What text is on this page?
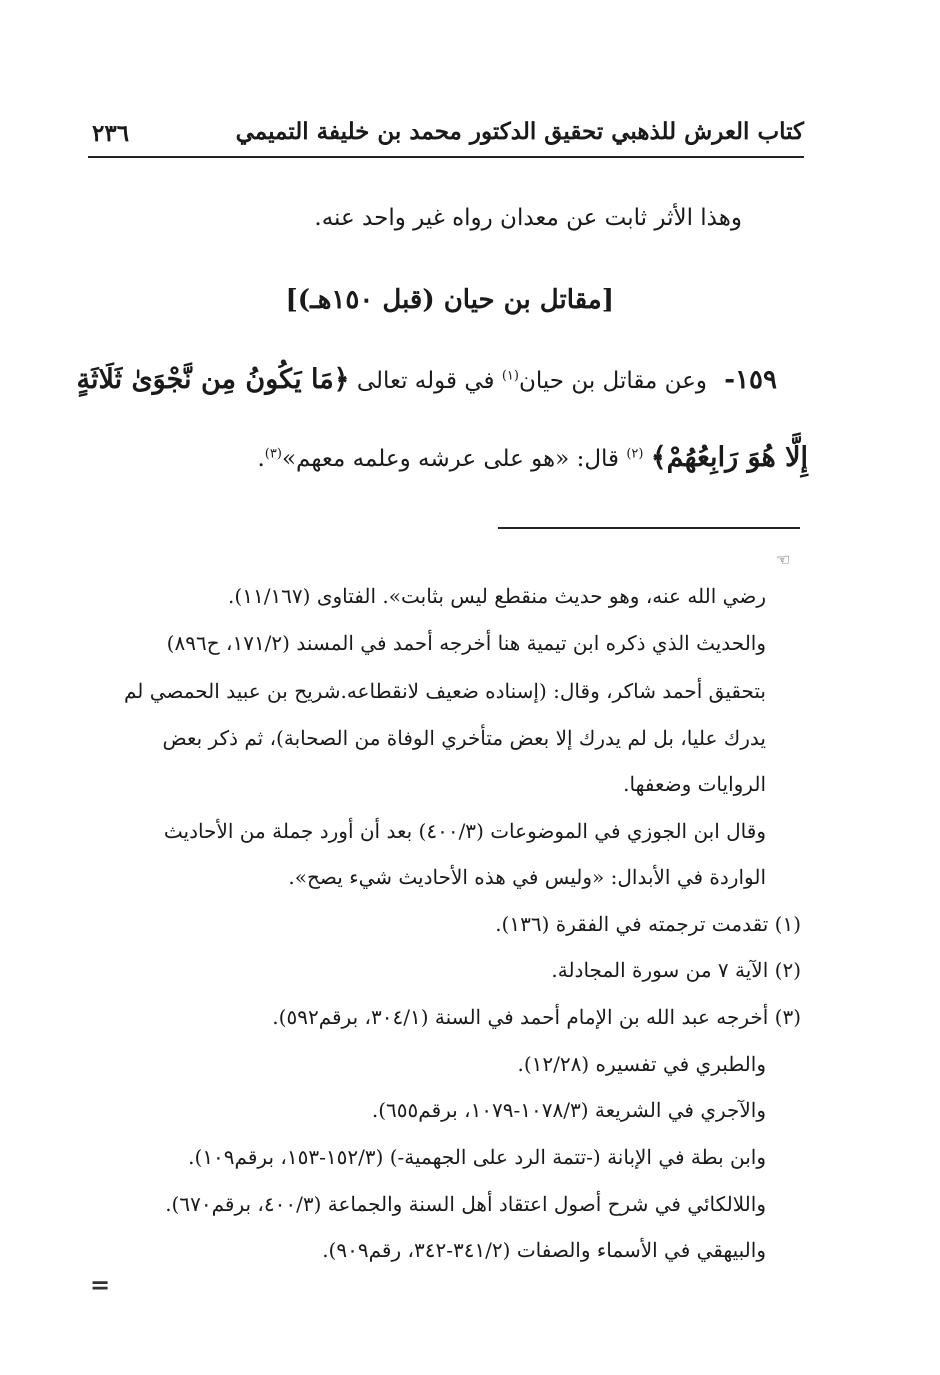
كتاب العرش للذهبي تحقيق الدكتور محمد بن خليفة التميمي
٢٣٦
وهذا الأثر ثابت عن معدان رواه غير واحد عنه.
[مقاتل بن حيان (قبل ١٥٠هـ)]
١٥٩- وعن مقاتل بن حيان$^{(١)}$ في قوله تعالى ﴿مَا يَكُونُ مِن نَّجْوَىٰ ثَلَاثَةٍ
إِلَّا هُوَ رَابِعُهُمْ﴾ $^{(٢)}$ قال: «هو على عرشه وعلمه معهم»$^{(٣)}$.
☜
رضي الله عنه، وهو حديث منقطع ليس بثابت». الفتاوى (١١/١٦٧).
والحديث الذي ذكره ابن تيمية هنا أخرجه أحمد في المسند (١٧١/٢، ح٨٩٦)
بتحقيق أحمد شاكر، وقال: (إسناده ضعيف لانقطاعه.شريح بن عبيد الحمصي لم
يدرك عليا، بل لم يدرك إلا بعض متأخري الوفاة من الصحابة)، ثم ذكر بعض
الروايات وضعفها.
وقال ابن الجوزي في الموضوعات (٤٠٠/٣) بعد أن أورد جملة من الأحاديث
الواردة في الأبدال: «وليس في هذه الأحاديث شيء يصح».
(١) تقدمت ترجمته في الفقرة (١٣٦).
(٢) الآية ٧ من سورة المجادلة.
(٣) أخرجه عبد الله بن الإمام أحمد في السنة (٣٠٤/١، برقم٥٩٢).
والطبري في تفسيره (١٢/٢٨).
والآجري في الشريعة (١٠٧٨/٣-١٠٧٩، برقم٦٥٥).
وابن بطة في الإبانة (-تتمة الرد على الجهمية-) (١٥٢/٣-١٥٣، برقم١٠٩).
واللالكائي في شرح أصول اعتقاد أهل السنة والجماعة (٤٠٠/٣، برقم٦٧٠).
والبيهقي في الأسماء والصفات (٣٤١/٢-٣٤٢، رقم٩٠٩).
=
